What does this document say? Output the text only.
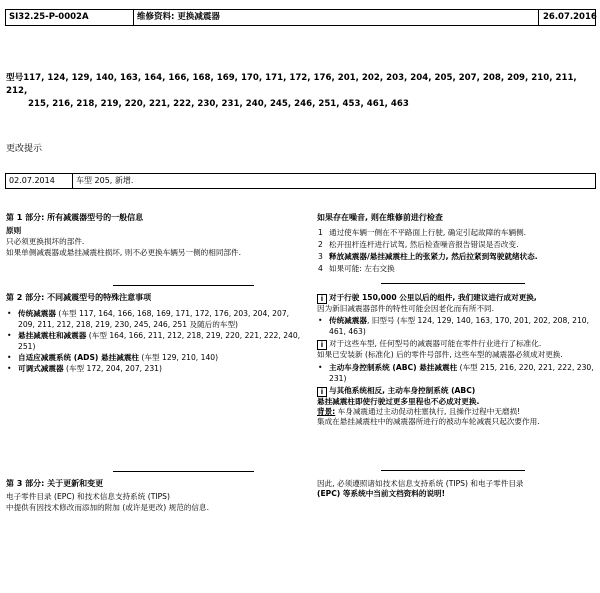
SI32.25-P-0002A	维修资料: 更换减震器	26.07.2016
型号117, 124, 129, 140, 163, 164, 166, 168, 169, 170, 171, 172, 176, 201, 202, 203, 204, 205, 207, 208, 209, 210, 211, 212,
215, 216, 218, 219, 220, 221, 222, 230, 231, 240, 245, 246, 251, 453, 461, 463
更改提示
02.07.2014	车型 205, 新增.
第 1 部分: 所有减震器型号的一般信息
原则
只必须更换损坏的部件.
如果单侧减震器或悬挂减震柱损坏, 则不必更换车辆另一侧的相同部件.
第 2 部分: 不同减震型号的特殊注意事项
• 传统减震器 (车型 117, 164, 166, 168, 169, 171, 172, 176, 203, 204, 207, 209, 211, 212, 218, 219, 230, 245, 246, 251 及随后的车型)
• 悬挂减震柱和减震器 (车型 164, 166, 211, 212, 218, 219, 220, 221, 222, 240, 251)
• 自适应减震系统 (ADS) 悬挂减震柱 (车型 129, 210, 140)
• 可调式减震器 (车型 172, 204, 207, 231)
第 3 部分: 关于更新和变更
电子零件目录 (EPC) 和技术信息支持系统 (TIPS)
中提供有因技术修改而添加的附加 (或许是更改) 规范的信息.
如果存在噪音, 则在维修前进行检查
1 通过使车辆一侧在不平路面上行驶, 确定引起故障的车辆侧.
2 松开扭杆连杆进行试驾, 然后检查噪音报告错误是否改变.
3 释放减震器/悬挂减震柱上的张紧力, 然后拉紧到驾驶就绪状态.
4 如果可能: 左右交换
i 对于行驶 150,000 公里以后的组件, 我们建议进行成对更换,
因为新旧减震器部件的特性可能会因老化而有所不同.
• 传统减震器, 旧型号 (车型 124, 129, 140, 163, 170, 201, 202, 208, 210, 461, 463)
i 对于这些车型, 任何型号的减震器可能在零件行业进行了标准化.
如果已安装新 (标准化) 后的零件号部件, 这些车型的减震器必须成对更换.
• 主动车身控制系统 (ABC) 悬挂减震柱 (车型 215, 216, 220, 221, 222, 230, 231)
i 与其他系统相反, 主动车身控制系统 (ABC)
悬挂减震柱即使行驶过更多里程也不必成对更换.
背景: 车身减震通过主动促动柱塞执行, 且操作过程中无磨损!
集成在悬挂减震柱中的减震器所进行的被动车轮减震只起次要作用.
因此, 必须遵照诸如技术信息支持系统 (TIPS) 和电子零件目录
(EPC) 等系统中当前文档资料的说明!
